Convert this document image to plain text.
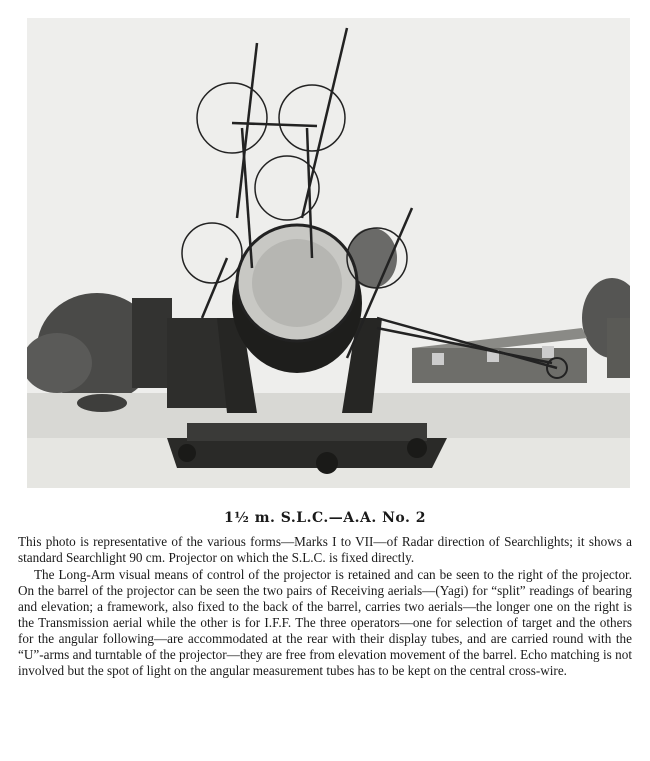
1½ m. S.L.C.—A.A. No. 2

This photo is representative of the various forms—Marks I to VII—of Radar direction of Searchlights; it shows a standard Searchlight 90 cm. Projector on which the S.L.C. is fixed directly.

The Long-Arm visual means of control of the projector is retained and can be seen to the right of the projector. On the barrel of the projector can be seen the two pairs of Receiving aerials—(Yagi) for “split” readings of bearing and elevation; a framework, also fixed to the back of the barrel, carries two aerials—the longer one on the right is the Transmission aerial while the other is for I.F.F. The three operators—one for selection of target and the others for the angular following—are accommodated at the rear with their display tubes, and are carried round with the “U”-arms and turntable of the projector—they are free from elevation movement of the barrel. Echo matching is not involved but the spot of light on the angular measurement tubes has to be kept on the central cross-wire.
